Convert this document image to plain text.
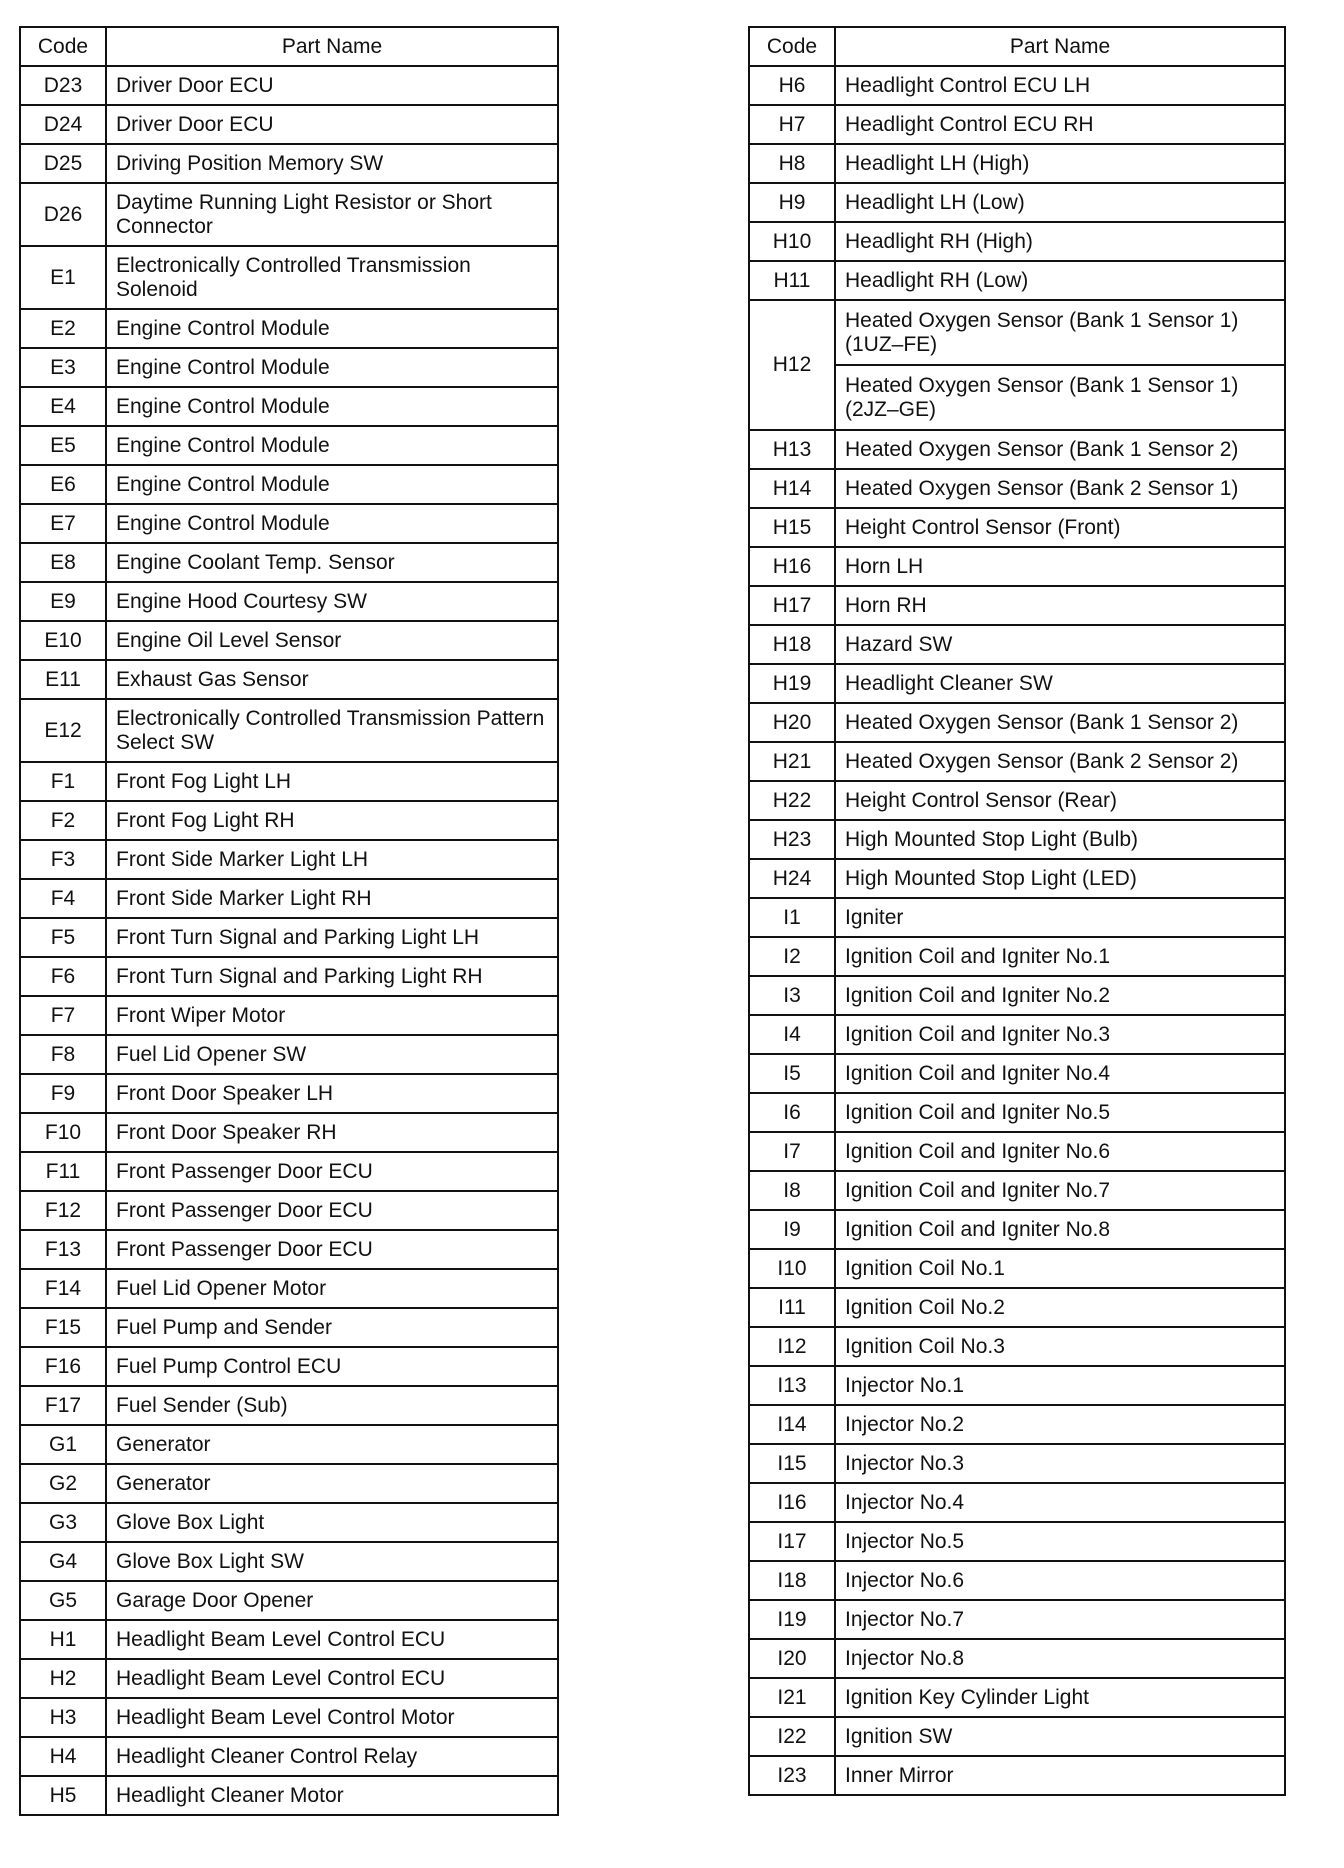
Code	Part Name
D23	Driver Door ECU
D24	Driver Door ECU
D25	Driving Position Memory SW
D26	Daytime Running Light Resistor or Short Connector
E1	Electronically Controlled Transmission Solenoid
E2	Engine Control Module
E3	Engine Control Module
E4	Engine Control Module
E5	Engine Control Module
E6	Engine Control Module
E7	Engine Control Module
E8	Engine Coolant Temp. Sensor
E9	Engine Hood Courtesy SW
E10	Engine Oil Level Sensor
E11	Exhaust Gas Sensor
E12	Electronically Controlled Transmission Pattern Select SW
F1	Front Fog Light LH
F2	Front Fog Light RH
F3	Front Side Marker Light LH
F4	Front Side Marker Light RH
F5	Front Turn Signal and Parking Light LH
F6	Front Turn Signal and Parking Light RH
F7	Front Wiper Motor
F8	Fuel Lid Opener SW
F9	Front Door Speaker LH
F10	Front Door Speaker RH
F11	Front Passenger Door ECU
F12	Front Passenger Door ECU
F13	Front Passenger Door ECU
F14	Fuel Lid Opener Motor
F15	Fuel Pump and Sender
F16	Fuel Pump Control ECU
F17	Fuel Sender (Sub)
G1	Generator
G2	Generator
G3	Glove Box Light
G4	Glove Box Light SW
G5	Garage Door Opener
H1	Headlight Beam Level Control ECU
H2	Headlight Beam Level Control ECU
H3	Headlight Beam Level Control Motor
H4	Headlight Cleaner Control Relay
H5	Headlight Cleaner Motor
Code	Part Name
H6	Headlight Control ECU LH
H7	Headlight Control ECU RH
H8	Headlight LH (High)
H9	Headlight LH (Low)
H10	Headlight RH (High)
H11	Headlight RH (Low)
H12	Heated Oxygen Sensor (Bank 1 Sensor 1) (1UZ–FE)
	Heated Oxygen Sensor (Bank 1 Sensor 1) (2JZ–GE)
H13	Heated Oxygen Sensor (Bank 1 Sensor 2)
H14	Heated Oxygen Sensor (Bank 2 Sensor 1)
H15	Height Control Sensor (Front)
H16	Horn LH
H17	Horn RH
H18	Hazard SW
H19	Headlight Cleaner SW
H20	Heated Oxygen Sensor (Bank 1 Sensor 2)
H21	Heated Oxygen Sensor (Bank 2 Sensor 2)
H22	Height Control Sensor (Rear)
H23	High Mounted Stop Light (Bulb)
H24	High Mounted Stop Light (LED)
I1	Igniter
I2	Ignition Coil and Igniter No.1
I3	Ignition Coil and Igniter No.2
I4	Ignition Coil and Igniter No.3
I5	Ignition Coil and Igniter No.4
I6	Ignition Coil and Igniter No.5
I7	Ignition Coil and Igniter No.6
I8	Ignition Coil and Igniter No.7
I9	Ignition Coil and Igniter No.8
I10	Ignition Coil No.1
I11	Ignition Coil No.2
I12	Ignition Coil No.3
I13	Injector No.1
I14	Injector No.2
I15	Injector No.3
I16	Injector No.4
I17	Injector No.5
I18	Injector No.6
I19	Injector No.7
I20	Injector No.8
I21	Ignition Key Cylinder Light
I22	Ignition SW
I23	Inner Mirror
